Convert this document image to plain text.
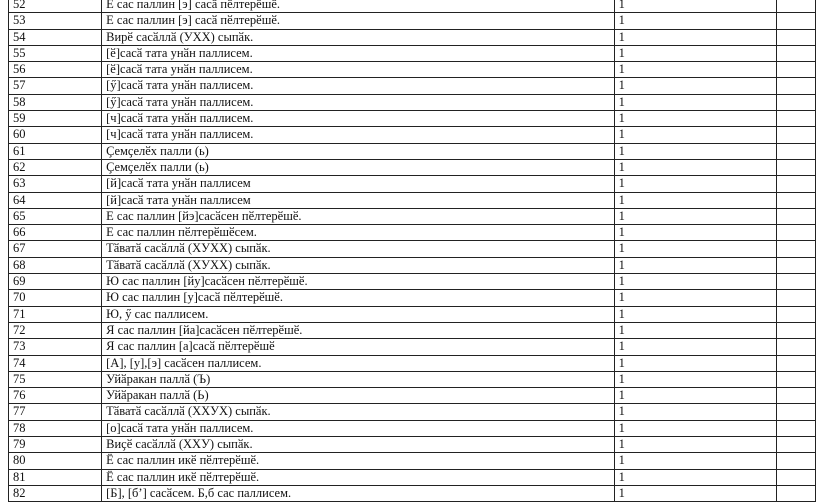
52	Е сас паллин [э] сасӑ пӗлтерӗшӗ.	1	
53	Е сас паллин [э] сасӑ пӗлтерӗшӗ.	1	
54	Вирӗ сасӑллӑ (УХХ) сыпӑк.	1	
55	[ӗ]сасӑ тата унӑн паллисем.	1	
56	[ӗ]сасӑ тата унӑн паллисем.	1	
57	[ӳ]сасӑ тата унӑн паллисем.	1	
58	[ӳ]сасӑ тата унӑн паллисем.	1	
59	[ч]сасӑ тата унӑн паллисем.	1	
60	[ч]сасӑ тата унӑн паллисем.	1	
61	Ҫемҫелӗх палли (ь)	1	
62	Ҫемҫелӗх палли (ь)	1	
63	[й]сасӑ тата унӑн паллисем	1	
64	[й]сасӑ тата унӑн паллисем	1	
65	Е сас паллин [йэ]сасӑсен пӗлтерӗшӗ.	1	
66	Е сас паллин пӗлтерӗшӗсем.	1	
67	Тӑватӑ сасӑллӑ (ХУХХ) сыпӑк.	1	
68	Тӑватӑ сасӑллӑ (ХУХХ) сыпӑк.	1	
69	Ю сас паллин [йу]сасӑсен пӗлтерӗшӗ.	1	
70	Ю сас паллин [у]сасӑ пӗлтерӗшӗ.	1	
71	Ю, ӳ сас паллисем.	1	
72	Я сас паллин [йа]сасӑсен пӗлтерӗшӗ.	1	
73	Я сас паллин [а]сасӑ пӗлтерӗшӗ	1	
74	[А], [у],[э] сасӑсен паллисем.	1	
75	Уйӑракан паллӑ (Ъ)	1	
76	Уйӑракан паллӑ (Ь)	1	
77	Тӑватӑ сасӑллӑ (ХХУХ) сыпӑк.	1	
78	[о]сасӑ тата унӑн паллисем.	1	
79	Виҫӗ сасӑллӑ (ХХУ) сыпӑк.	1	
80	Ё сас паллин икӗ пӗлтерӗшӗ.	1	
81	Ё сас паллин икӗ пӗлтерӗшӗ.	1	
82	[Б], [б’] сасӑсем. Б,б сас паллисем.	1	
